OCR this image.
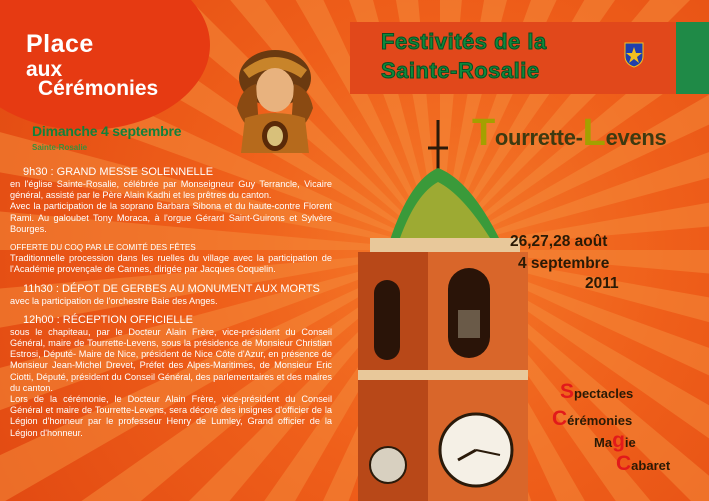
Place
aux
Cérémonies
Dimanche 4 septembre
Sainte-Rosalie

9h30 : GRAND MESSE SOLENNELLE
en l'église Sainte-Rosalie, célébrée par Monseigneur Guy Terrancle, Vicaire général, assisté par le Père Alain Kadhi et les prêtres du canton.

Avec la participation de la soprano Barbara Sibona et du haute-contre Florent Rami. Au galoubet Tony Moraca, à l'orgue Gérard Saint-Guirons et Sylvère Bourges.

OFFERTE DU COQ PAR LE COMITÉ DES FÊTES
Traditionnelle procession dans les ruelles du village avec la participation de l'Académie provençale de Cannes, dirigée par Jacques Coquelin.

11h30 : DÉPOT DE GERBES AU MONUMENT AUX MORTS
avec la participation de l'orchestre Baie des Anges.

12h00 : RÉCEPTION OFFICIELLE
sous le chapiteau, par le Docteur Alain Frère, vice-président du Conseil Général, maire de Tourrette-Levens, sous la présidence de Monsieur Christian Estrosi, Député- Maire de Nice, président de Nice Côte d'Azur, en présence de Monsieur Jean-Michel Drevet, Préfet des Alpes-Maritimes, de Monsieur Eric Ciotti, Député, président du Conseil Général, des parlementaires et des maires du canton.

Lors de la cérémonie, le Docteur Alain Frère, vice-président du Conseil Général et maire de Tourrette-Levens, sera décoré des insignes d'officier de la Légion d'honneur par le professeur Henry de Lumley, Grand officier de la Légion d'honneur.

Festivités de la
Sainte-Rosalie
Tourrette-Levens
26,27,28 août
4 septembre
2011
Spectacles
Cérémonies
Magie
Cabaret
